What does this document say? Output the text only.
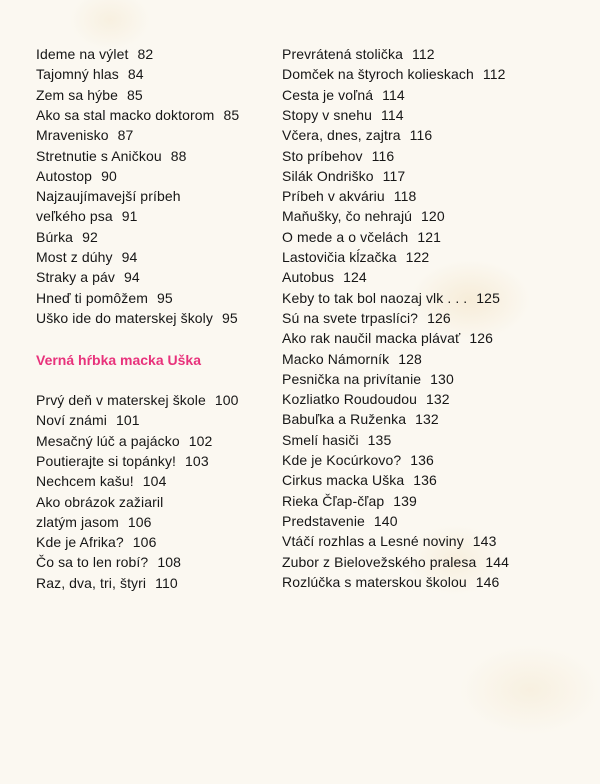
Ideme na výlet 82
Tajomný hlas 84
Zem sa hýbe 85
Ako sa stal macko doktorom 85
Mravenisko 87
Stretnutie s Aničkou 88
Autostop 90
Najzaujímavejší príbeh
veľkého psa 91
Búrka 92
Most z dúhy 94
Straky a páv 94
Hneď ti pomôžem 95
Uško ide do materskej školy 95
Verná hŕbka macka Uška
Prvý deň v materskej škole 100
Noví známi 101
Mesačný lúč a pajácko 102
Poutierajte si topánky! 103
Nechcem kašu! 104
Ako obrázok zažiaril
zlatým jasom 106
Kde je Afrika? 106
Čo sa to len robí? 108
Raz, dva, tri, štyri 110
Prevrátená stolička 112
Domček na štyroch kolieskach 112
Cesta je voľná 114
Stopy v snehu 114
Včera, dnes, zajtra 116
Sto príbehov 116
Silák Ondriško 117
Príbeh v akváriu 118
Maňušky, čo nehrajú 120
O mede a o včelách 121
Lastovičia kĺzačka 122
Autobus 124
Keby to tak bol naozaj vlk . . . 125
Sú na svete trpaslíci? 126
Ako rak naučil macka plávať 126
Macko Námorník 128
Pesnička na privítanie 130
Kozliatko Roudoudou 132
Babuľka a Ruženka 132
Smelí hasiči 135
Kde je Kocúrkovo? 136
Cirkus macka Uška 136
Rieka Čľap-čľap 139
Predstavenie 140
Vtáčí rozhlas a Lesné noviny 143
Zubor z Bielovežského pralesa 144
Rozlúčka s materskou školou 146
